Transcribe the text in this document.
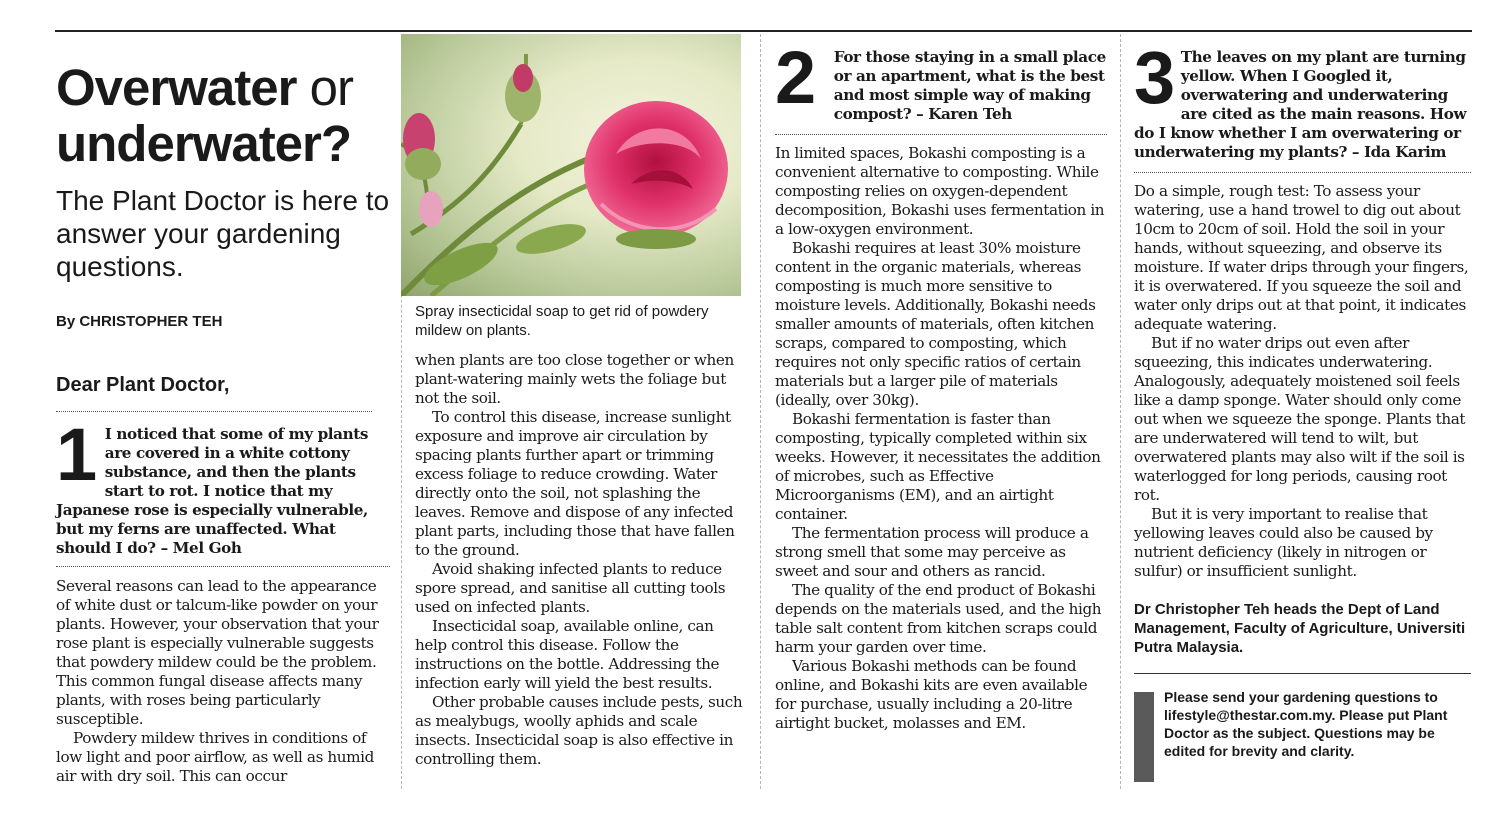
Overwater or
underwater?
The Plant Doctor is here to answer your gardening questions.
By CHRISTOPHER TEH
Dear Plant Doctor,
1 I noticed that some of my plants are covered in a white cottony substance, and then the plants start to rot. I notice that my Japanese rose is especially vulnerable, but my ferns are unaffected. What should I do? – Mel Goh

Several reasons can lead to the appearance of white dust or talcum-like powder on your plants. However, your observation that your rose plant is especially vulnerable suggests that powdery mildew could be the problem. This common fungal disease affects many plants, with roses being particularly susceptible.

Powdery mildew thrives in conditions of low light and poor airflow, as well as humid air with dry soil. This can occur

Spray insecticidal soap to get rid of powdery mildew on plants.

when plants are too close together or when plant-watering mainly wets the foliage but not the soil.

To control this disease, increase sunlight exposure and improve air circulation by spacing plants further apart or trimming excess foliage to reduce crowding. Water directly onto the soil, not splashing the leaves. Remove and dispose of any infected plant parts, including those that have fallen to the ground.

Avoid shaking infected plants to reduce spore spread, and sanitise all cutting tools used on infected plants.

Insecticidal soap, available online, can help control this disease. Follow the instructions on the bottle. Addressing the infection early will yield the best results.

Other probable causes include pests, such as mealybugs, woolly aphids and scale insects. Insecticidal soap is also effective in controlling them.

2 For those staying in a small place or an apartment, what is the best and most simple way of making compost? – Karen Teh

In limited spaces, Bokashi composting is a convenient alternative to composting. While composting relies on oxygen-dependent decomposition, Bokashi uses fermentation in a low-oxygen environment.

Bokashi requires at least 30% moisture content in the organic materials, whereas composting is much more sensitive to moisture levels. Additionally, Bokashi needs smaller amounts of materials, often kitchen scraps, compared to composting, which requires not only specific ratios of certain materials but a larger pile of materials (ideally, over 30kg).

Bokashi fermentation is faster than composting, typically completed within six weeks. However, it necessitates the addition of microbes, such as Effective Microorganisms (EM), and an airtight container.

The fermentation process will produce a strong smell that some may perceive as sweet and sour and others as rancid.

The quality of the end product of Bokashi depends on the materials used, and the high table salt content from kitchen scraps could harm your garden over time.

Various Bokashi methods can be found online, and Bokashi kits are even available for purchase, usually including a 20-litre airtight bucket, molasses and EM.

3 The leaves on my plant are turning yellow. When I Googled it, overwatering and underwatering are cited as the main reasons. How do I know whether I am overwatering or underwatering my plants? – Ida Karim

Do a simple, rough test: To assess your watering, use a hand trowel to dig out about 10cm to 20cm of soil. Hold the soil in your hands, without squeezing, and observe its moisture. If water drips through your fingers, it is overwatered. If you squeeze the soil and water only drips out at that point, it indicates adequate watering.

But if no water drips out even after squeezing, this indicates underwatering. Analogously, adequately moistened soil feels like a damp sponge. Water should only come out when we squeeze the sponge. Plants that are underwatered will tend to wilt, but overwatered plants may also wilt if the soil is waterlogged for long periods, causing root rot.

But it is very important to realise that yellowing leaves could also be caused by nutrient deficiency (likely in nitrogen or sulfur) or insufficient sunlight.

Dr Christopher Teh heads the Dept of Land Management, Faculty of Agriculture, Universiti Putra Malaysia.
Please send your gardening questions to lifestyle@thestar.com.my. Please put Plant Doctor as the subject. Questions may be edited for brevity and clarity.
